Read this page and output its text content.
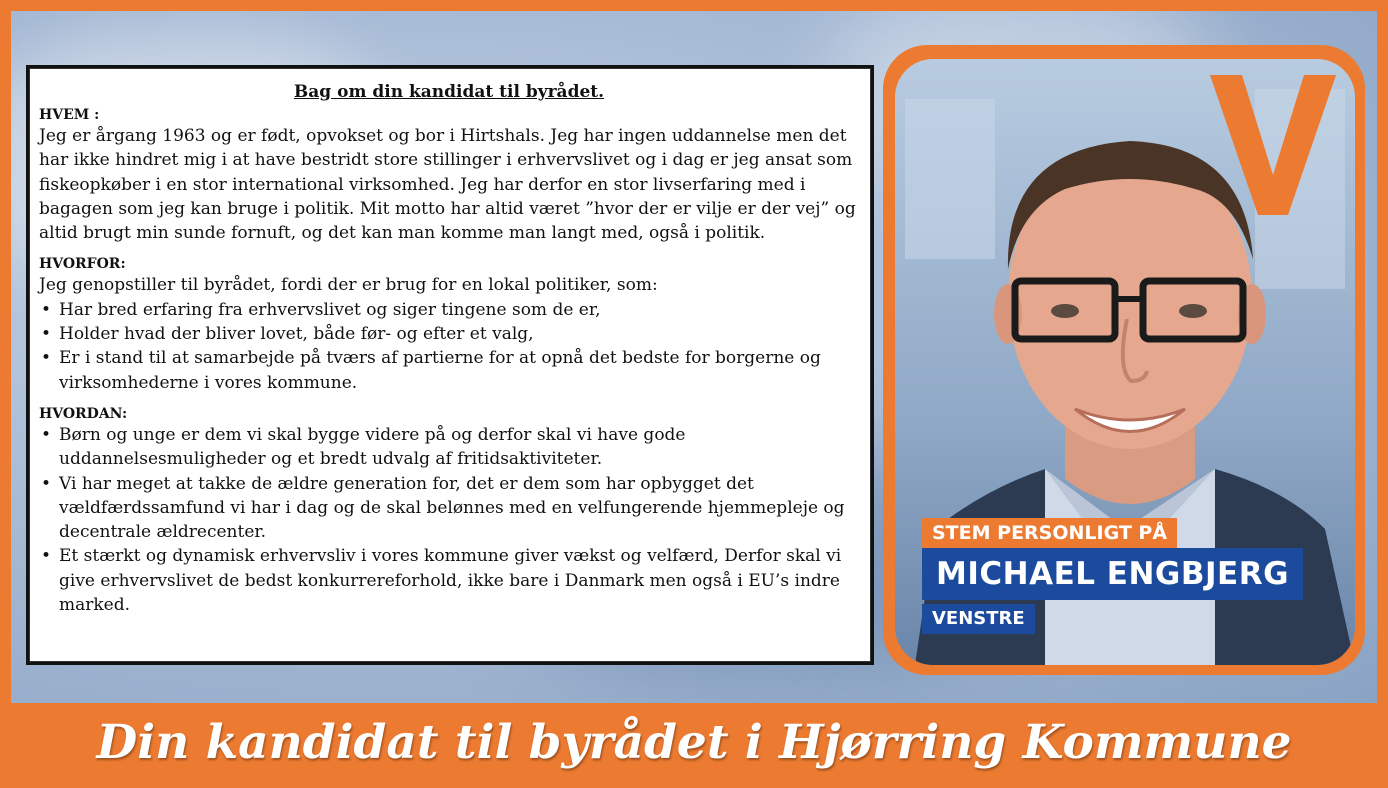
Bag om din kandidat til byrådet.

HVEM :

Jeg er årgang 1963 og er født, opvokset og bor i Hirtshals. Jeg har ingen uddannelse men det har ikke hindret mig i at have bestridt store stillinger i erhvervslivet og i dag er jeg ansat som fiskeopkøber i en stor international virksomhed. Jeg har derfor en stor livserfaring med i bagagen som jeg kan bruge i politik. Mit motto har altid været ”hvor der er vilje er der vej” og altid brugt min sunde fornuft, og det kan man komme man langt med, også i politik.

HVORFOR:

Jeg genopstiller til byrådet, fordi der er brug for en lokal politiker, som:

• Har bred erfaring fra erhvervslivet og siger tingene som de er,
• Holder hvad der bliver lovet, både før- og efter et valg,
• Er i stand til at samarbejde på tværs af partierne for at opnå det bedste for borgerne og virksomhederne i vores kommune.

HVORDAN:

• Børn og unge er dem vi skal bygge videre på og derfor skal vi have gode uddannelsesmuligheder og et bredt udvalg af fritidsaktiviteter.
• Vi har meget at takke de ældre generation for, det er dem som har opbygget det vældfærdssamfund vi har i dag og de skal belønnes med en velfungerende hjemmepleje og decentrale ældrecenter.
• Et stærkt og dynamisk erhvervsliv i vores kommune giver vækst og velfærd, Derfor skal vi give erhvervslivet de bedst konkurrereforhold, ikke bare i Danmark men også i EU’s indre marked.
STEM PERSONLIGT PÅ
MICHAEL ENGBJERG
VENSTRE
Din kandidat til byrådet i Hjørring Kommune
